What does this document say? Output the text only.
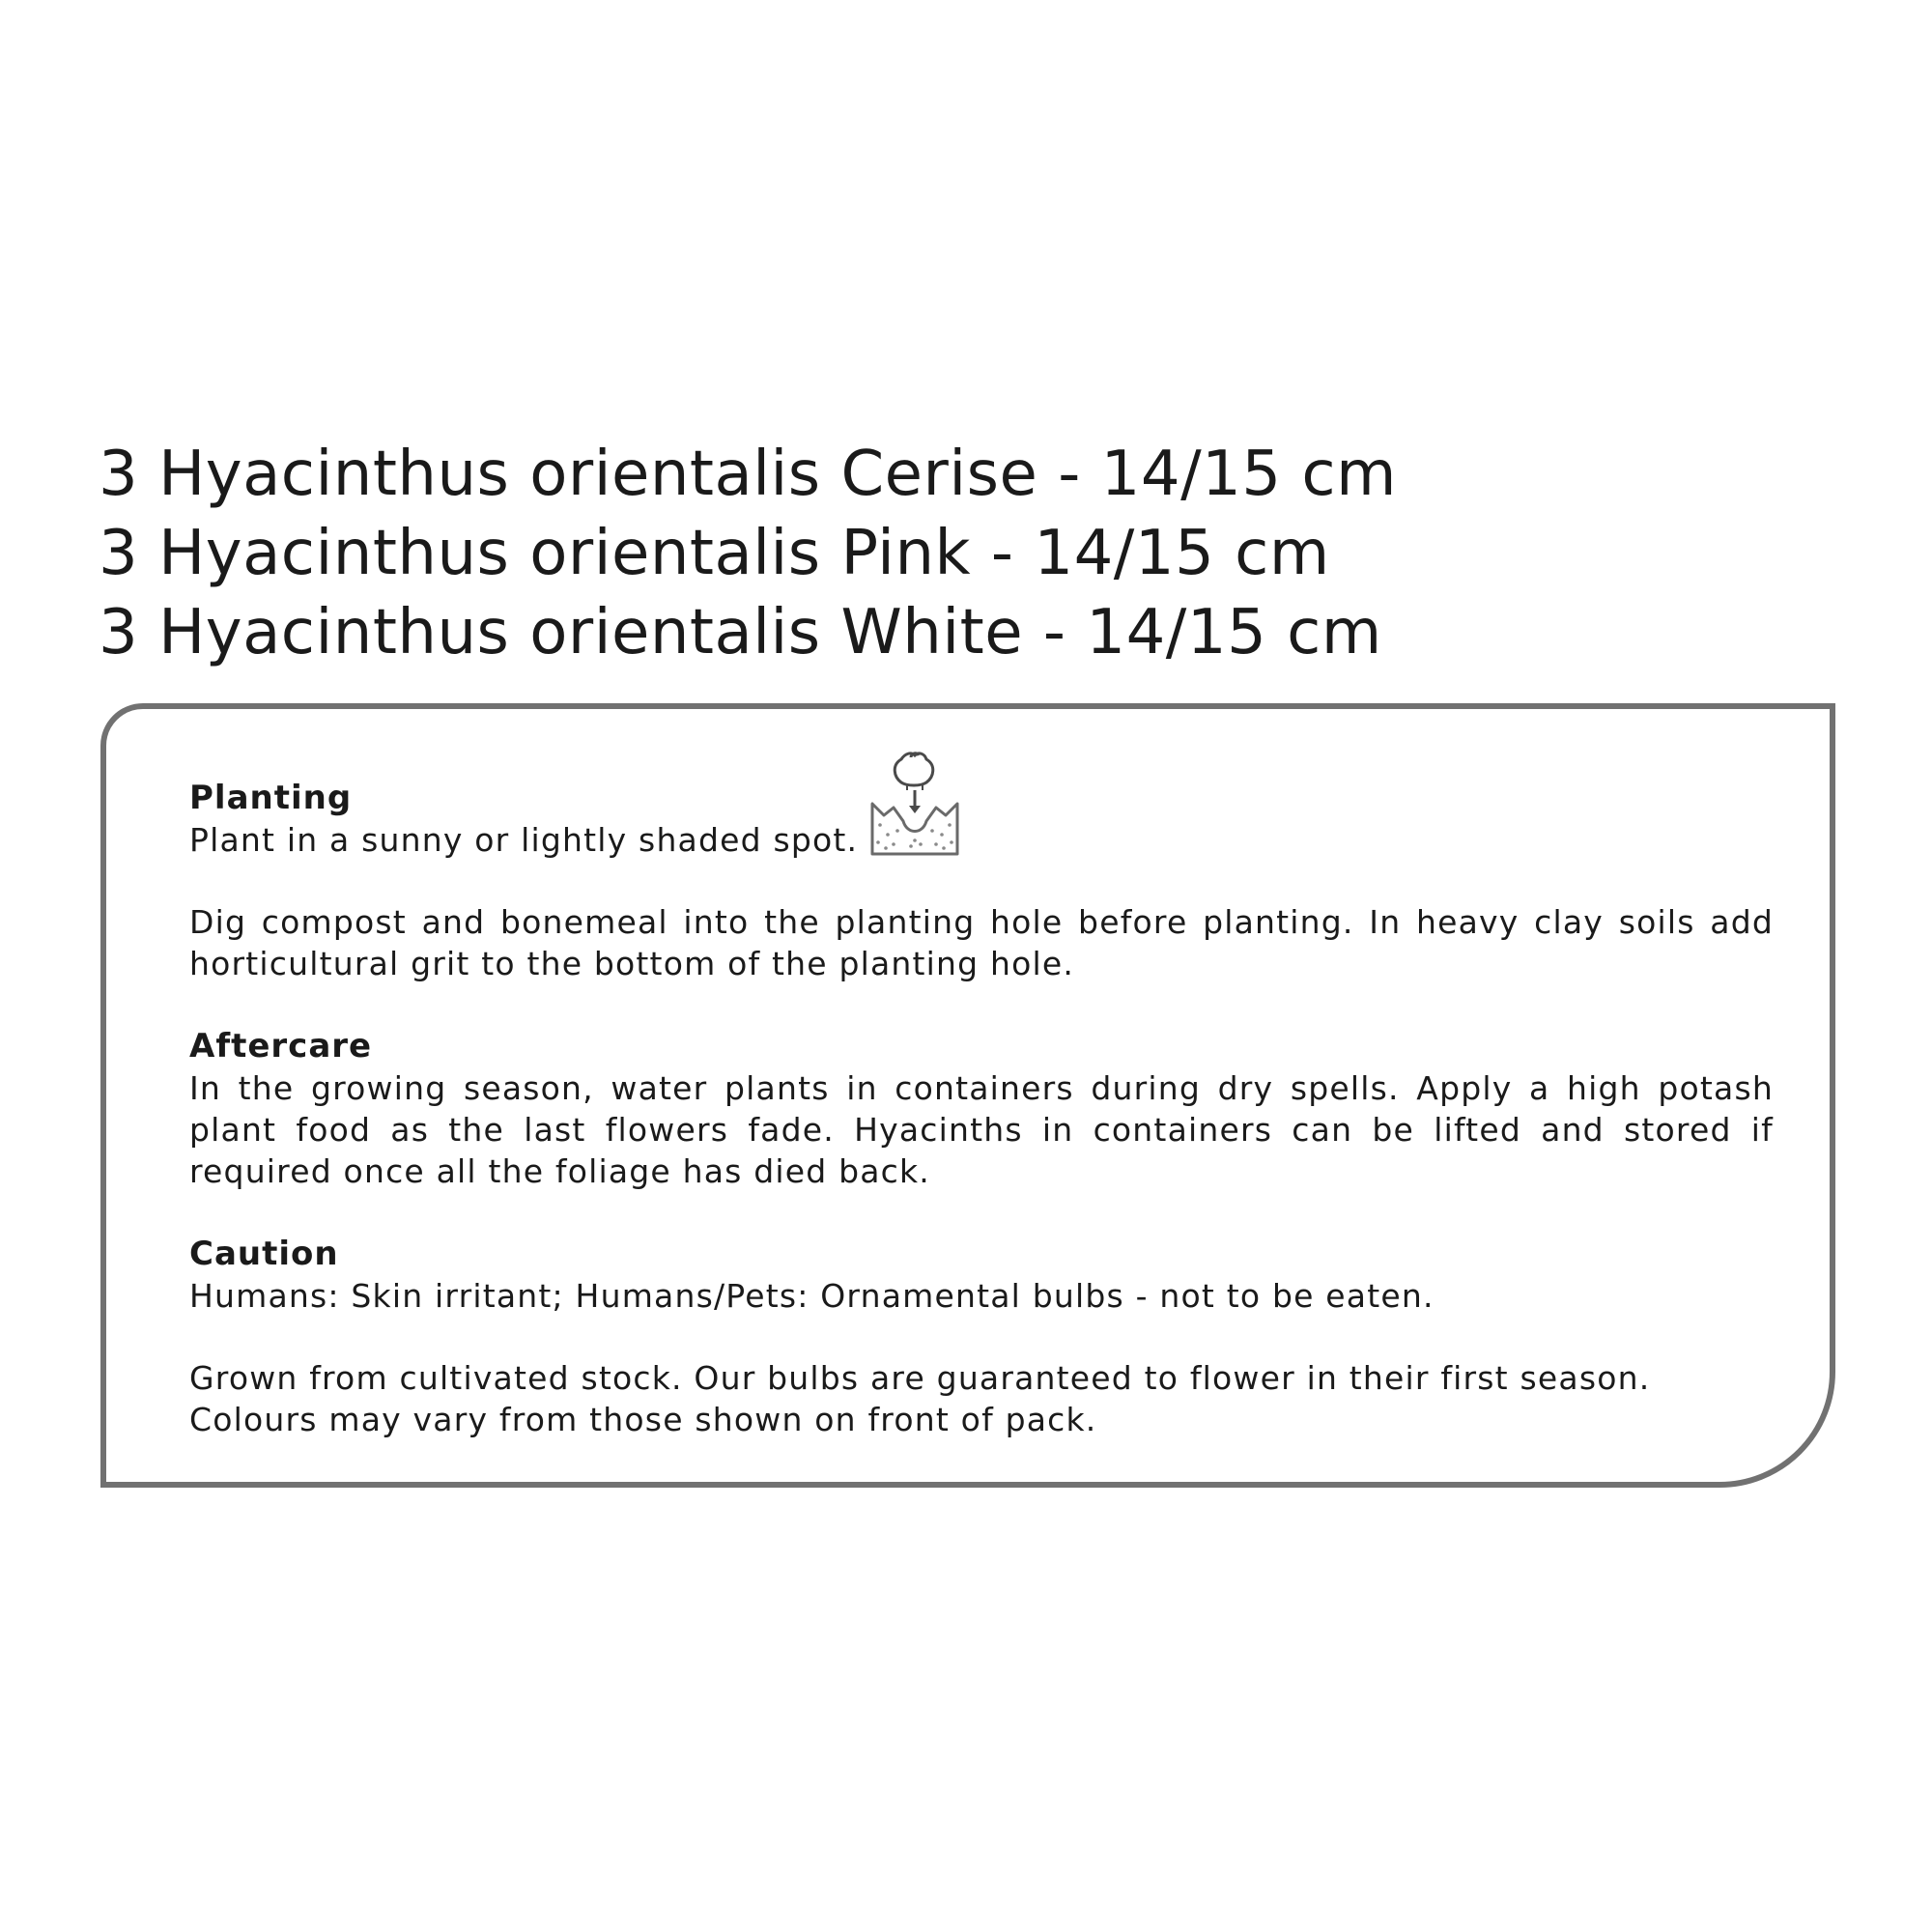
3 Hyacinthus orientalis Cerise - 14/15 cm
3 Hyacinthus orientalis Pink - 14/15 cm
3 Hyacinthus orientalis White - 14/15 cm
Planting
Plant in a sunny or lightly shaded spot.
Dig compost and bonemeal into the planting hole before planting. In heavy clay soils add horticultural grit to the bottom of the planting hole.
Aftercare
In the growing season, water plants in containers during dry spells. Apply a high potash plant food as the last flowers fade. Hyacinths in containers can be lifted and stored if required once all the foliage has died back.
Caution
Humans: Skin irritant; Humans/Pets: Ornamental bulbs - not to be eaten.
Grown from cultivated stock. Our bulbs are guaranteed to flower in their first season.
Colours may vary from those shown on front of pack.
